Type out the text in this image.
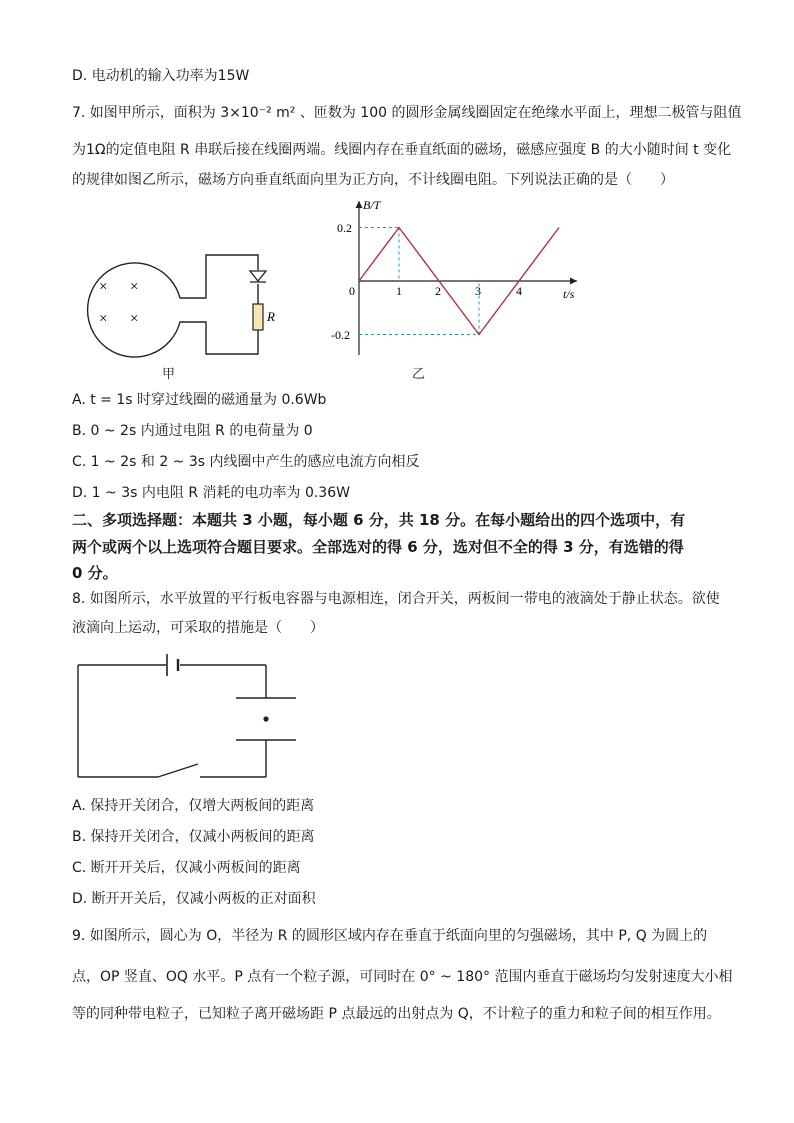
D. 电动机的输入功率为15W
7. 如图甲所示，面积为 3×10⁻² m² 、匝数为 100 的圆形金属线圈固定在绝缘水平面上，理想二极管与阻值
为1Ω的定值电阻 R 串联后接在线圈两端。线圈内存在垂直纸面的磁场，磁感应强度 B 的大小随时间 t 变化
的规律如图乙所示，磁场方向垂直纸面向里为正方向，不计线圈电阻。下列说法正确的是（　　）
× ×
× ×	R
甲
B/T
t/s
0.2
-0.2
0	1	2	3	4
乙
A. t = 1s 时穿过线圈的磁通量为 0.6Wb
B. 0 ~ 2s 内通过电阻 R 的电荷量为 0
C. 1 ~ 2s 和 2 ~ 3s 内线圈中产生的感应电流方向相反
D. 1 ~ 3s 内电阻 R 消耗的电功率为 0.36W
二、多项选择题：本题共 3 小题，每小题 6 分，共 18 分。在每小题给出的四个选项中，有
两个或两个以上选项符合题目要求。全部选对的得 6 分，选对但不全的得 3 分，有选错的得
0 分。
8. 如图所示，水平放置的平行板电容器与电源相连，闭合开关，两板间一带电的液滴处于静止状态。欲使
液滴向上运动，可采取的措施是（　　）
A. 保持开关闭合，仅增大两板间的距离
B. 保持开关闭合，仅减小两板间的距离
C. 断开开关后，仅减小两板间的距离
D. 断开开关后，仅减小两板的正对面积
9. 如图所示，圆心为 O，半径为 R 的圆形区域内存在垂直于纸面向里的匀强磁场，其中 P, Q 为圆上的
点，OP 竖直、OQ 水平。P 点有一个粒子源，可同时在 0° ~ 180° 范围内垂直于磁场均匀发射速度大小相
等的同种带电粒子，已知粒子离开磁场距 P 点最远的出射点为 Q，不计粒子的重力和粒子间的相互作用。
